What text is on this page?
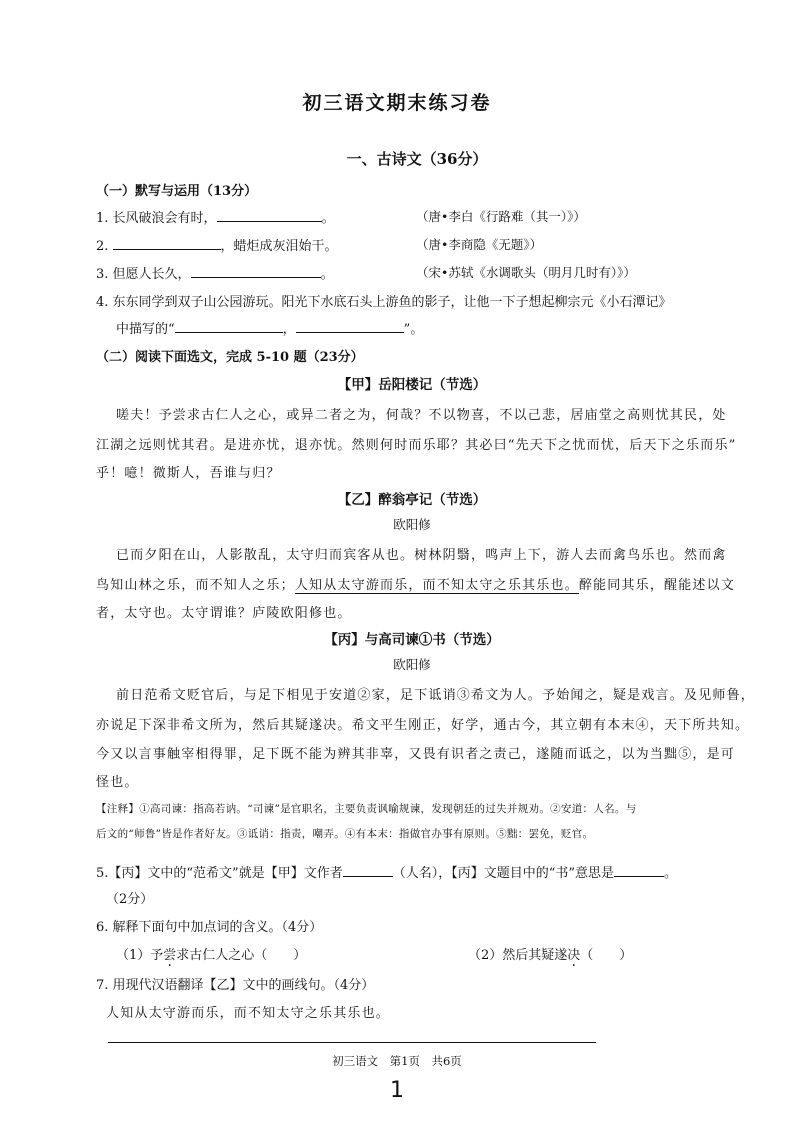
初三语文期末练习卷
一、古诗文（36分）
（一）默写与运用（13分）
1. 长风破浪会有时，	。	（唐•李白《行路难（其一）》）
2.	，蜡炬成灰泪始干。	（唐•李商隐《无题》）
3. 但愿人长久，	。	（宋•苏轼《水调歌头（明月几时有）》）
4. 东东同学到双子山公园游玩。阳光下水底石头上游鱼的影子，让他一下子想起柳宗元《小石潭记》
中描写的“	，	”。
（二）阅读下面选文，完成 5-10 题（23分）
【甲】岳阳楼记（节选）
嗟夫！予尝求古仁人之心，或异二者之为，何哉？不以物喜，不以己悲，居庙堂之高则忧其民，处
江湖之远则忧其君。是进亦忧，退亦忧。然则何时而乐耶？其必曰“先天下之忧而忧，后天下之乐而乐”
乎！噫！微斯人，吾谁与归？
【乙】醉翁亭记（节选）
欧阳修
已而夕阳在山，人影散乱，太守归而宾客从也。树林阴翳，鸣声上下，游人去而禽鸟乐也。然而禽
鸟知山林之乐，而不知人之乐；人知从太守游而乐，而不知太守之乐其乐也。醉能同其乐，醒能述以文
者，太守也。太守谓谁？庐陵欧阳修也。
【丙】与高司谏①书（节选）
欧阳修
前日范希文贬官后，与足下相见于安道②家，足下诋诮③希文为人。予始闻之，疑是戏言。及见师鲁，
亦说足下深非希文所为，然后其疑遂决。希文平生刚正，好学，通古今，其立朝有本末④，天下所共知。
今又以言事触宰相得罪，足下既不能为辨其非辜，又畏有识者之责己，遂随而诋之，以为当黜⑤，是可
怪也。
【注释】①高司谏：指高若讷。“司谏”是官职名，主要负责讽喻规谏，发现朝廷的过失并规劝。②安道：人名。与
后文的“师鲁”皆是作者好友。③诋诮：指责，嘲弄。④有本末：指做官办事有原则。⑤黜：罢免，贬官。
5.【丙】文中的“范希文”就是【甲】文作者	（人名），【丙】文题目中的“书”意思是	。
（2分）
6. 解释下面句中加点词的含义。（4分）
（1）予尝求古仁人之心（　　）	（2）然后其疑遂决（　　）
7. 用现代汉语翻译【乙】文中的画线句。（4分）
人知从太守游而乐，而不知太守之乐其乐也。
初三语文　第1页　共6页
1
